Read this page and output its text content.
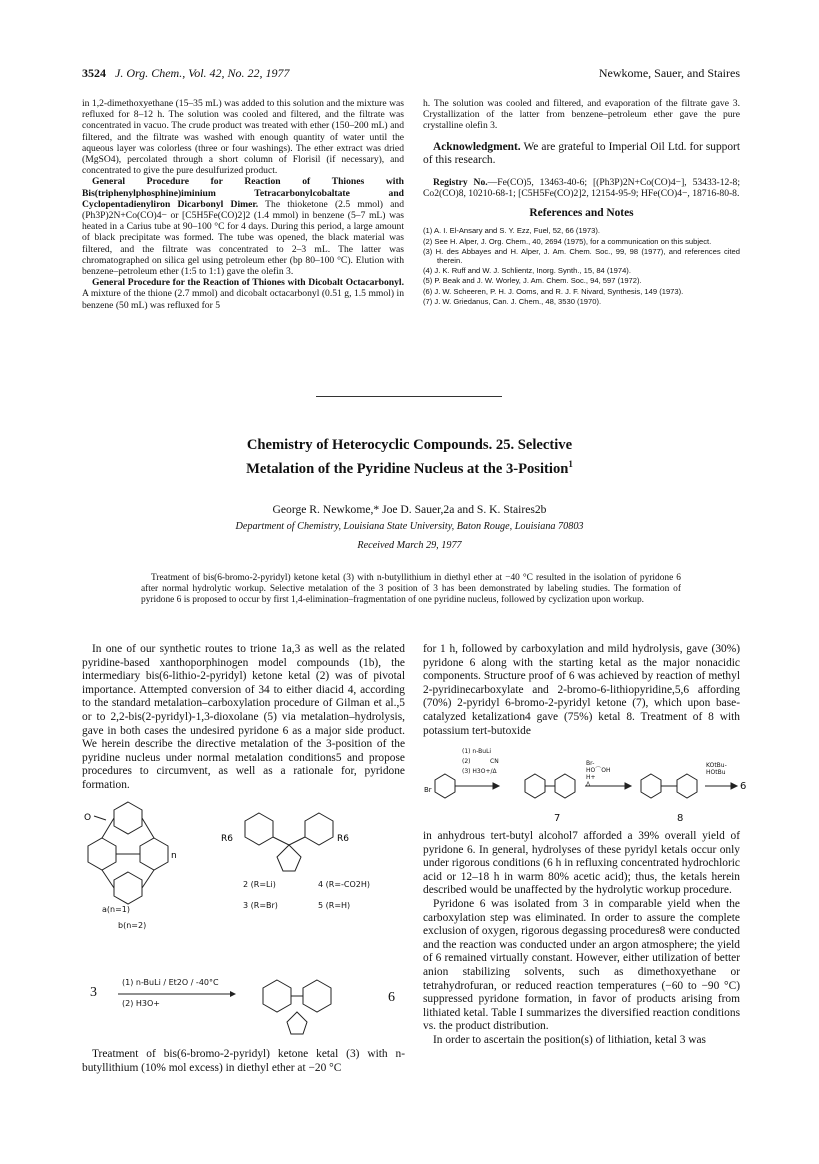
3524 J. Org. Chem., Vol. 42, No. 22, 1977	Newkome, Sauer, and Staires

in 1,2-dimethoxyethane (15–35 mL) was added to this solution and the mixture was refluxed for 8–12 h. The solution was cooled and filtered, and the filtrate was concentrated in vacuo. The crude product was treated with ether (150–200 mL) and filtered, and the filtrate was washed with enough quantity of water until the aqueous layer was colorless (three or four washings). The ether extract was dried (MgSO4), percolated through a short column of Florisil (if necessary), and concentrated to give the pure desulfurized product.

General Procedure for Reaction of Thiones with Bis(triphenylphosphine)iminium Tetracarbonylcobaltate and Cyclopentadienyliron Dicarbonyl Dimer. The thioketone (2.5 mmol) and (Ph3P)2N+Co(CO)4− or [C5H5Fe(CO)2]2 (1.4 mmol) in benzene (5–7 mL) was heated in a Carius tube at 90–100 °C for 4 days. During this period, a large amount of black precipitate was formed. The tube was opened, the black material was filtered, and the filtrate was concentrated to 2–3 mL. The latter was chromatographed on silica gel using petroleum ether (bp 80–100 °C). Elution with benzene–petroleum ether (1:5 to 1:1) gave the olefin 3.

General Procedure for the Reaction of Thiones with Dicobalt Octacarbonyl. A mixture of the thione (2.7 mmol) and dicobalt octacarbonyl (0.51 g, 1.5 mmol) in benzene (50 mL) was refluxed for 5

h. The solution was cooled and filtered, and evaporation of the filtrate gave 3. Crystallization of the latter from benzene–petroleum ether gave the pure crystalline olefin 3.

Acknowledgment. We are grateful to Imperial Oil Ltd. for support of this research.

Registry No.—Fe(CO)5, 13463-40-6; [(Ph3P)2N+Co(CO)4−], 53433-12-8; Co2(CO)8, 10210-68-1; [C5H5Fe(CO)2]2, 12154-95-9; HFe(CO)4−, 18716-80-8.

References and Notes
(1) A. I. El-Ansary and S. Y. Ezz, Fuel, 52, 66 (1973).
(2) See H. Alper, J. Org. Chem., 40, 2694 (1975), for a communication on this subject.
(3) H. des Abbayes and H. Alper, J. Am. Chem. Soc., 99, 98 (1977), and references cited therein.
(4) J. K. Ruff and W. J. Schlientz, Inorg. Synth., 15, 84 (1974).
(5) P. Beak and J. W. Worley, J. Am. Chem. Soc., 94, 597 (1972).
(6) J. W. Scheeren, P. H. J. Ooms, and R. J. F. Nivard, Synthesis, 149 (1973).
(7) J. W. Griedanus, Can. J. Chem., 48, 3530 (1970).
Chemistry of Heterocyclic Compounds. 25. Selective
Metalation of the Pyridine Nucleus at the 3-Position$^1$
George R. Newkome,* Joe D. Sauer,2a and S. K. Staires2b
Department of Chemistry, Louisiana State University, Baton Rouge, Louisiana 70803
Received March 29, 1977
Treatment of bis(6-bromo-2-pyridyl) ketone ketal (3) with n-butyllithium in diethyl ether at −40 °C resulted in the isolation of pyridone 6 after normal hydrolytic workup. Selective metalation of the 3 position of 3 has been demonstrated by labeling studies. The formation of pyridone 6 is proposed to occur by first 1,4-elimination–fragmentation of one pyridine nucleus, followed by cyclization upon workup.

In one of our synthetic routes to trione 1a,3 as well as the related pyridine-based xanthoporphinogen model compounds (1b), the intermediary bis(6-lithio-2-pyridyl) ketone ketal (2) was of pivotal importance. Attempted conversion of 34 to either diacid 4, according to the standard metalation–carboxylation procedure of Gilman et al.,5 or to 2,2-bis(2-pyridyl)-1,3-dioxolane (5) via metalation–hydrolysis, gave in both cases the undesired pyridone 6 as a major side product. We herein describe the directive metalation of the 3-position of the pyridine nucleus under normal metalation conditions5 and propose procedures to circumvent, as well as a rationale for, pyridone formation.

O
n
a(n=1)
b(n=2)
R6	R6
2 (R=Li)	4 (R=-CO2H)
3 (R=Br)	5 (R=H)
3
(1) n-BuLi / Et2O / -40°C
(2) H3O+	6

Treatment of bis(6-bromo-2-pyridyl) ketone ketal (3) with n-butyllithium (10% mol excess) in diethyl ether at −20 °C

for 1 h, followed by carboxylation and mild hydrolysis, gave (30%) pyridone 6 along with the starting ketal as the major nonacidic components. Structure proof of 6 was achieved by reaction of methyl 2-pyridinecarboxylate and 2-bromo-6-lithiopyridine,5,6 affording (70%) 2-pyridyl 6-bromo-2-pyridyl ketone (7), which upon base-catalyzed ketalization4 gave (75%) ketal 8. Treatment of 8 with potassium tert-butoxide

(1) n-BuLi
(2)	CN
(3) H3O+/Δ
Br
Br-
HO⌒OH
H+
Δ
KOtBu-
HOtBu
6
7	8

in anhydrous tert-butyl alcohol7 afforded a 39% overall yield of pyridone 6. In general, hydrolyses of these pyridyl ketals occur only under rigorous conditions (6 h in refluxing concentrated hydrochloric acid or 12–18 h in warm 80% acetic acid); thus, the ketals herein described would be unaffected by the hydrolytic workup procedure.

Pyridone 6 was isolated from 3 in comparable yield when the carboxylation step was eliminated. In order to assure the complete exclusion of oxygen, rigorous degassing procedures8 were conducted and the reaction was conducted under an argon atmosphere; the yield of 6 remained virtually constant. However, either utilization of better anion stabilizing solvents, such as dimethoxyethane or tetrahydrofuran, or reduced reaction temperatures (−60 to −90 °C) suppressed pyridone formation, in favor of products arising from lithiated ketal. Table I summarizes the diversified reaction conditions vs. the product distribution.

In order to ascertain the position(s) of lithiation, ketal 3 was
